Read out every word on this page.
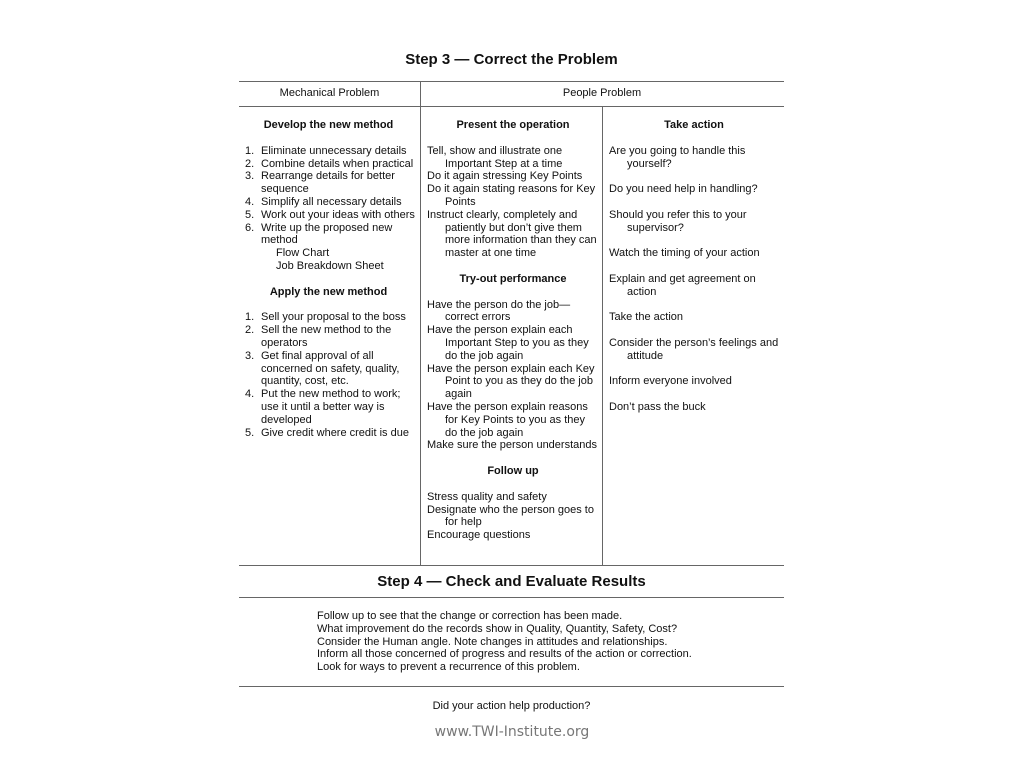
Step 3 — Correct the Problem
Mechanical Problem	People Problem
Develop the new method
1. Eliminate unnecessary details
2. Combine details when practical
3. Rearrange details for better sequence
4. Simplify all necessary details
5. Work out your ideas with others
6. Write up the proposed new method
Flow Chart
Job Breakdown Sheet
Apply the new method
1. Sell your proposal to the boss
2. Sell the new method to the operators
3. Get final approval of all concerned on safety, quality, quantity, cost, etc.
4. Put the new method to work; use it until a better way is developed
5. Give credit where credit is due
Present the operation
Tell, show and illustrate one Important Step at a time
Do it again stressing Key Points
Do it again stating reasons for Key Points
Instruct clearly, completely and patiently but don’t give them more information than they can master at one time
Try-out performance
Have the person do the job—correct errors
Have the person explain each Important Step to you as they do the job again
Have the person explain each Key Point to you as they do the job again
Have the person explain reasons for Key Points to you as they do the job again
Make sure the person understands
Follow up
Stress quality and safety
Designate who the person goes to for help
Encourage questions
Take action
Are you going to handle this yourself?
Do you need help in handling?
Should you refer this to your supervisor?
Watch the timing of your action
Explain and get agreement on action
Take the action
Consider the person’s feelings and attitude
Inform everyone involved
Don’t pass the buck
Step 4 — Check and Evaluate Results
Follow up to see that the change or correction has been made.
What improvement do the records show in Quality, Quantity, Safety, Cost?
Consider the Human angle. Note changes in attitudes and relationships.
Inform all those concerned of progress and results of the action or correction.
Look for ways to prevent a recurrence of this problem.
Did your action help production?
www.TWI-Institute.org
